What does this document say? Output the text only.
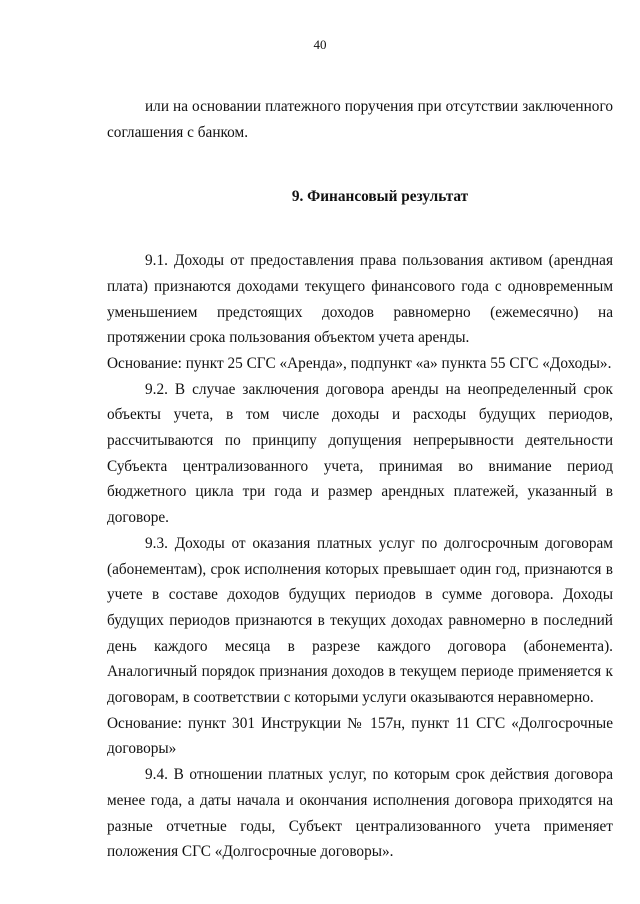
40

или на основании платежного поручения при отсутствии заключенного соглашения с банком.

9. Финансовый результат

9.1. Доходы от предоставления права пользования активом (арендная плата) признаются доходами текущего финансового года с одновременным уменьшением предстоящих доходов равномерно (ежемесячно) на протяжении срока пользования объектом учета аренды.

Основание: пункт 25 СГС «Аренда», подпункт «а» пункта 55 СГС «Доходы».

9.2. В случае заключения договора аренды на неопределенный срок объекты учета, в том числе доходы и расходы будущих периодов, рассчитываются по принципу допущения непрерывности деятельности Субъекта централизованного учета, принимая во внимание период бюджетного цикла три года и размер арендных платежей, указанный в договоре.

9.3. Доходы от оказания платных услуг по долгосрочным договорам (абонементам), срок исполнения которых превышает один год, признаются в учете в составе доходов будущих периодов в сумме договора. Доходы будущих периодов признаются в текущих доходах равномерно в последний день каждого месяца в разрезе каждого договора (абонемента). Аналогичный порядок признания доходов в текущем периоде применяется к договорам, в соответствии с которыми услуги оказываются неравномерно.

Основание: пункт 301 Инструкции № 157н, пункт 11 СГС «Долгосрочные договоры»

9.4. В отношении платных услуг, по которым срок действия договора менее года, а даты начала и окончания исполнения договора приходятся на разные отчетные годы, Субъект централизованного учета применяет положения СГС «Долгосрочные договоры».
